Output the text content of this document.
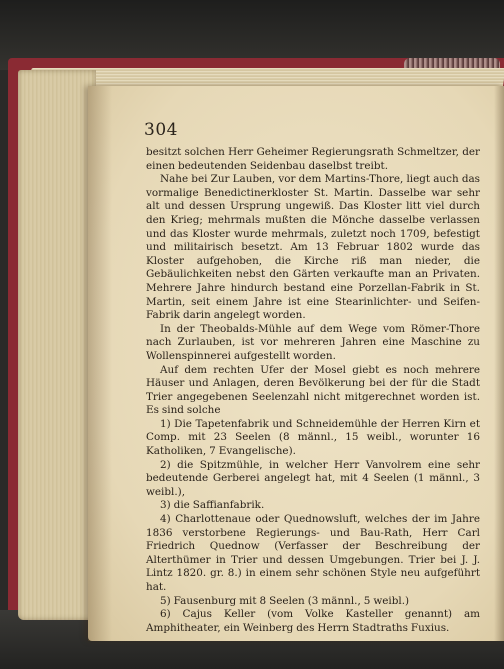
304

besitzt solchen Herr Geheimer Regierungsrath Schmeltzer, der einen bedeutenden Seidenbau daselbst treibt.

Nahe bei Zur Lauben, vor dem Martins-Thore, liegt auch das vormalige Benedictinerkloster St. Martin. Dasselbe war sehr alt und dessen Ursprung ungewiß. Das Kloster litt viel durch den Krieg; mehrmals mußten die Mönche dasselbe verlassen und das Kloster wurde mehrmals, zuletzt noch 1709, befestigt und militairisch besetzt. Am 13 Februar 1802 wurde das Kloster aufgehoben, die Kirche riß man nieder, die Gebäulichkeiten nebst den Gärten verkaufte man an Privaten. Mehrere Jahre hindurch bestand eine Porzellan-Fabrik in St. Martin, seit einem Jahre ist eine Stearinlichter- und Seifen-Fabrik darin angelegt worden.

In der Theobalds-Mühle auf dem Wege vom Römer-Thore nach Zurlauben, ist vor mehreren Jahren eine Maschine zu Wollenspinnerei aufgestellt worden.

Auf dem rechten Ufer der Mosel giebt es noch mehrere Häuser und Anlagen, deren Bevölkerung bei der für die Stadt Trier angegebenen Seelenzahl nicht mitgerechnet worden ist. Es sind solche

1) Die Tapetenfabrik und Schneidemühle der Herren Kirn et Comp. mit 23 Seelen (8 männl., 15 weibl., worunter 16 Katholiken, 7 Evangelische).

2) die Spitzmühle, in welcher Herr Vanvolrem eine sehr bedeutende Gerberei angelegt hat, mit 4 Seelen (1 männl., 3 weibl.),

3) die Saffianfabrik.

4) Charlottenaue oder Quednowsluft, welches der im Jahre 1836 verstorbene Regierungs- und Bau-Rath, Herr Carl Friedrich Quednow (Verfasser der Beschreibung der Alterthümer in Trier und dessen Umgebungen. Trier bei J. J. Lintz 1820. gr. 8.) in einem sehr schönen Style neu aufgeführt hat.

5) Fausenburg mit 8 Seelen (3 männl., 5 weibl.)

6) Cajus Keller (vom Volke Kasteller genannt) am Amphitheater, ein Weinberg des Herrn Stadtraths Fuxius.
